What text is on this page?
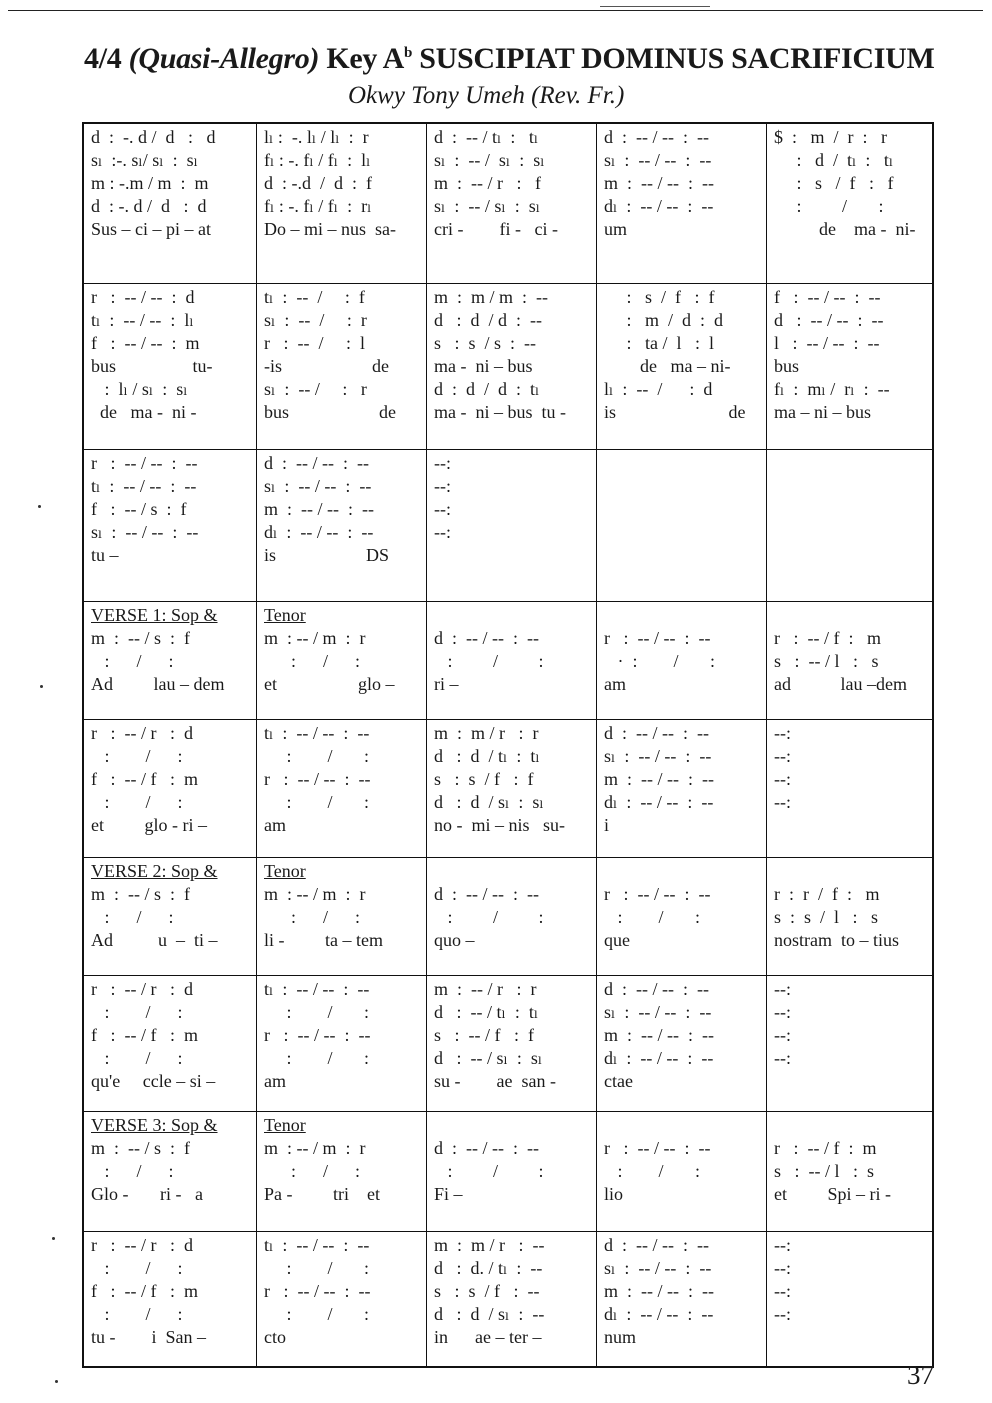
4/4 (Quasi-Allegro) Key $A^b$ SUSCIPIAT DOMINUS SACRIFICIUM
Okwy Tony Umeh (Rev. Fr.)
d  :  -. d /  d   :   d
sₗ  :-. sₗ/ sₗ  :  sₗ
m : -.m / m  :  m
d  : -. d /  d   :  d
Sus – ci – pi – at
lₗ :  -. lₗ / lₗ  :  r
fₗ : -. fₗ / fₗ  :  lₗ
d  : -.d  /  d  :  f
fₗ : -. fₗ / fₗ  :  rₗ
Do – mi – nus  sa-
d  :  -- / tₗ  :   tₗ
sₗ  :  -- /  sₗ  :  sₗ
m  :  -- / r   :   f
sₗ  :  -- / sₗ  :  sₗ
cri -        fi -   ci -
d  :  -- / --  :  --
sₗ  :  -- / --  :  --
m  :  -- / --  :  --
dₗ  :  -- / --  :  --
um
$  :   m  /  r  :   r
:   d  /  tₗ  :   tₗ
:   s   /  f   :   f
:         /       :
de    ma -  ni-
r   :  -- / --  :  d
tₗ  :  -- / --  :  lₗ
f   :  -- / --  :  m
bus                 tu-
:  lₗ / sₗ  :  sₗ
de   ma -  ni -
tₗ  :  --  /     :  f
sₗ  :  --  /     :  r
r   :  --  /     :  l
-is                    de
sₗ  :  -- /     :   r
bus                    de
m  :  m / m  :  --
d   :  d  / d  :  --
s   :  s  / s  :  --
ma -  ni – bus
d  :  d  /  d  :  tₗ
ma -  ni – bus  tu -
:   s  /  f   :  f
:   m  /  d  :  d
:   ta /  l   :  l
de   ma – ni-
lₗ  :  --  /      :  d
is                         de
f   :  -- / --  :  --
d   :  -- / --  :  --
l   :  -- / --  :  --
bus
fₗ  :  mₗ /  rₗ  :  --
ma – ni – bus
r   :  -- / --  :  --
tₗ  :  -- / --  :  --
f   :  -- / s  :  f
sₗ  :  -- / --  :  --
tu –
d  :  -- / --  :  --
sₗ  :  -- / --  :  --
m  :  -- / --  :  --
dₗ  :  -- / --  :  --
is                    DS
--:
--:
--:
--:
VERSE 1: Sop &
m  :  -- / s  :  f
:      /      :
Ad         lau – dem
Tenor
m  : -- / m  :  r
:      /      :
et                  glo –
d  :  -- / --  :  --
:         /         :
ri –
r   :  -- / --  :  --
·  :        /       :
am
r   :  -- / f  :   m
s   :  -- / l   :   s
ad           lau –dem
r   :  -- / r   :  d
:        /      :
f   :  -- / f   :  m
:        /      :
et         glo - ri –
tₗ  :  -- / --  :  --
:        /       :
r   :  -- / --  :  --
:        /       :
am
m  :  m / r   :  r
d   :  d  / tₗ  :  tₗ
s   :  s  / f   :  f
d   :  d  / sₗ  :  sₗ
no -  mi – nis   su-
d  :  -- / --  :  --
sₗ  :  -- / --  :  --
m  :  -- / --  :  --
dₗ  :  -- / --  :  --
i
--:
--:
--:
--:
VERSE 2: Sop &
m  :  -- / s  :  f
:      /      :
Ad          u  –  ti –
Tenor
m  : -- / m  :  r
:      /      :
li -         ta – tem
d  :  -- / --  :  --
:         /         :
quo –
r   :  -- / --  :  --
:        /       :
que
r  :  r  /  f  :   m
s  :  s  /  l   :   s
nostram  to – tius
r   :  -- / r   :  d
:        /      :
f   :  -- / f   :  m
:        /      :
qu'e     ccle – si –
tₗ  :  -- / --  :  --
:        /       :
r   :  -- / --  :  --
:        /       :
am
m  :  -- / r   :  r
d   :  -- / tₗ  :  tₗ
s   :  -- / f   :  f
d   :  -- / sₗ  :  sₗ
su -        ae  san -
d  :  -- / --  :  --
sₗ  :  -- / --  :  --
m  :  -- / --  :  --
dₗ  :  -- / --  :  --
ctae
--:
--:
--:
--:
VERSE 3: Sop &
m  :  -- / s  :  f
:      /      :
Glo -       ri -   a
Tenor
m  : -- / m  :  r
:      /      :
Pa -         tri    et
d  :  -- / --  :  --
:         /         :
Fi –
r   :  -- / --  :  --
:        /       :
lio
r   :  -- / f  :  m
s   :  -- / l   :  s
et         Spi – ri -
r   :  -- / r   :  d
:        /      :
f   :  -- / f   :  m
:        /      :
tu -        i  San –
tₗ  :  -- / --  :  --
:        /       :
r   :  -- / --  :  --
:        /       :
cto
m  :  m / r   :  --
d   :  d. / tₗ  :  --
s   :  s  / f   :  --
d   :  d  / sₗ  :  --
in      ae – ter –
d  :  -- / --  :  --
sₗ  :  -- / --  :  --
m  :  -- / --  :  --
dₗ  :  -- / --  :  --
num
--:
--:
--:
--:
37
